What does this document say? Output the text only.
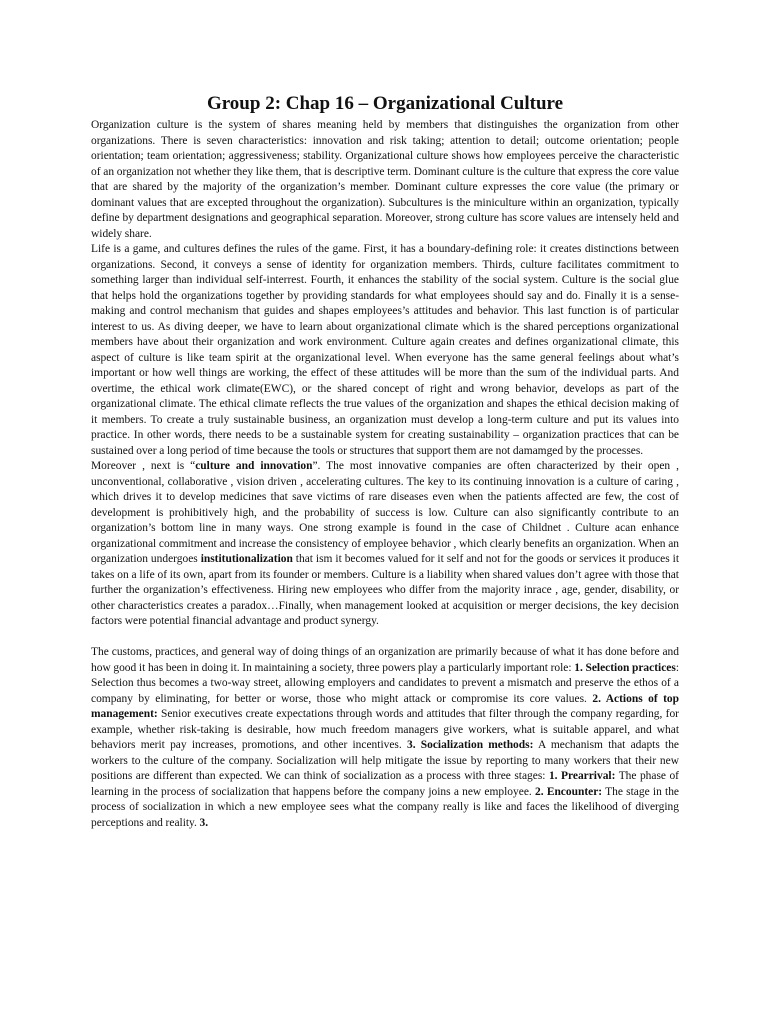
Group 2: Chap 16 – Organizational Culture

Organization culture is the system of shares meaning held by members that distinguishes the organization from other organizations. There is seven characteristics: innovation and risk taking; attention to detail; outcome orientation; people orientation; team orientation; aggressiveness; stability. Organizational culture shows how employees perceive the characteristic of an organization not whether they like them, that is descriptive term. Dominant culture is the culture that express the core value that are shared by the majority of the organization’s member. Dominant culture expresses the core value (the primary or dominant values that are excepted throughout the organization). Subcultures is the miniculture within an organization, typically define by department designations and geographical separation. Moreover, strong culture has score values are intensely held and widely share.

Life is a game, and cultures defines the rules of the game. First, it has a boundary-defining role: it creates distinctions between organizations. Second, it conveys a sense of identity for organization members. Thirds, culture facilitates commitment to something larger than individual self-interrest. Fourth, it enhances the stability of the social system. Culture is the social glue that helps hold the organizations together by providing standards for what employees should say and do. Finally it is a sense-making and control mechanism that guides and shapes employees’s attitudes and behavior. This last function is of particular interest to us. As diving deeper, we have to learn about organizational climate which is the shared perceptions organizational members have about their organization and work environment. Culture again creates and defines organizational climate, this aspect of culture is like team spirit at the organizational level. When everyone has the same general feelings about what’s important or how well things are working, the effect of these attitudes will be more than the sum of the individual parts. And overtime, the ethical work climate(EWC), or the shared concept of right and wrong behavior, develops as part of the organizational climate. The ethical climate reflects the true values of the organization and shapes the ethical decision making of it members. To create a truly sustainable business, an organization must develop a long-term culture and put its values into practice. In other words, there needs to be a sustainable system for creating sustainability – organization practices that can be sustained over a long period of time because the tools or structures that support them are not damamged by the processes.

Moreover , next is “culture and innovation”. The most innovative companies are often characterized by their open , unconventional, collaborative , vision driven , accelerating cultures. The key to its continuing innovation is a culture of caring , which drives it to develop medicines that save victims of rare diseases even when the patients affected are few, the cost of development is prohibitively high, and the probability of success is low. Culture can also significantly contribute to an organization’s bottom line in many ways. One strong example is found in the case of Childnet . Culture acan enhance organizational commitment and increase the consistency of employee behavior , which clearly benefits an organization. When an organization undergoes institutionalization that ism it becomes valued for it self and not for the goods or services it produces it takes on a life of its own, apart from its founder or members. Culture is a liability when shared values don’t agree with those that further the organization’s effectiveness. Hiring new employees who differ from the majority inrace , age, gender, disability, or other characteristics creates a paradox…Finally, when management looked at acquisition or merger decisions, the key decision factors were potential financial advantage and product synergy.

The customs, practices, and general way of doing things of an organization are primarily because of what it has done before and how good it has been in doing it. In maintaining a society, three powers play a particularly important role: 1. Selection practices: Selection thus becomes a two-way street, allowing employers and candidates to prevent a mismatch and preserve the ethos of a company by eliminating, for better or worse, those who might attack or compromise its core values. 2. Actions of top management: Senior executives create expectations through words and attitudes that filter through the company regarding, for example, whether risk-taking is desirable, how much freedom managers give workers, what is suitable apparel, and what behaviors merit pay increases, promotions, and other incentives. 3. Socialization methods: A mechanism that adapts the workers to the culture of the company. Socialization will help mitigate the issue by reporting to many workers that their new positions are different than expected. We can think of socialization as a process with three stages: 1. Prearrival: The phase of learning in the process of socialization that happens before the company joins a new employee. 2. Encounter: The stage in the process of socialization in which a new employee sees what the company really is like and faces the likelihood of diverging perceptions and reality. 3.
